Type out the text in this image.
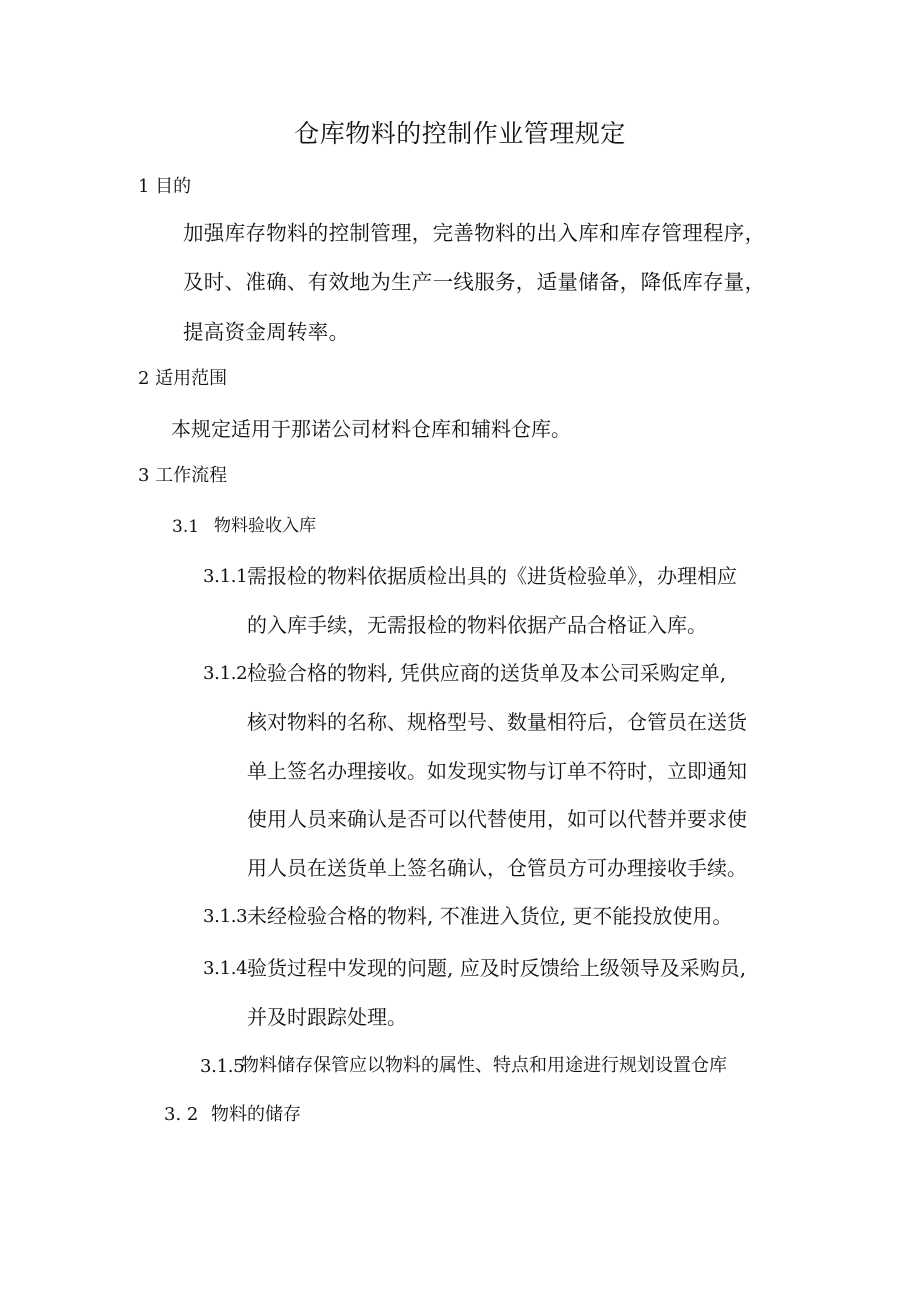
仓库物料的控制作业管理规定
1 目的
加强库存物料的控制管理，完善物料的出入库和库存管理程序，
及时、准确、有效地为生产一线服务，适量储备，降低库存量，
提高资金周转率。
2 适用范围
本规定适用于那诺公司材料仓库和辅料仓库。
3 工作流程
3.1 物料验收入库
3.1.1 需报检的物料依据质检出具的《进货检验单》，办理相应
的入库手续，无需报检的物料依据产品合格证入库。
3.1.2 检验合格的物料, 凭供应商的送货单及本公司采购定单,
核对物料的名称、规格型号、数量相符后，仓管员在送货
单上签名办理接收。如发现实物与订单不符时，立即通知
使用人员来确认是否可以代替使用，如可以代替并要求使
用人员在送货单上签名确认，仓管员方可办理接收手续。
3.1.3 未经检验合格的物料, 不准进入货位, 更不能投放使用。
3.1.4 验货过程中发现的问题, 应及时反馈给上级领导及采购员,
并及时跟踪处理。
3.1.5
物料储存保管应以物料的属性、特点和用途进行规划设置仓库
3. 2 物料的储存
